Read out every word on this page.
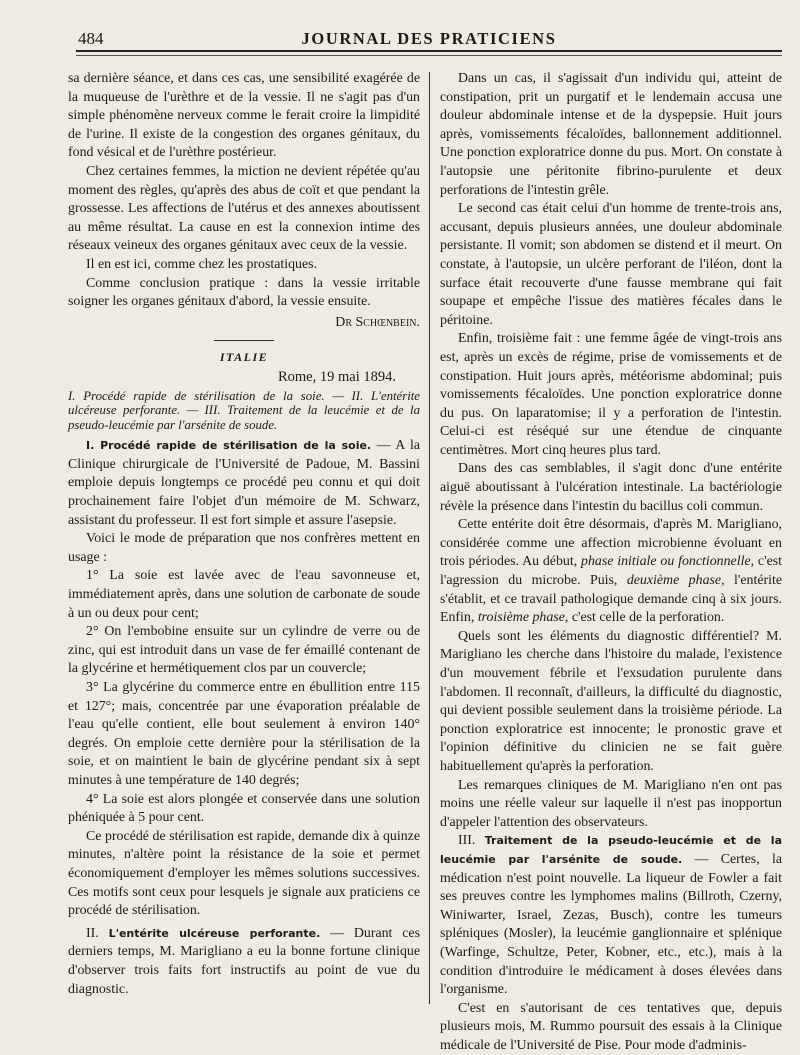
484	JOURNAL DES PRATICIENS

sa dernière séance, et dans ces cas, une sensibilité exagérée de la muqueuse de l'urèthre et de la vessie. Il ne s'agit pas d'un simple phénomène nerveux comme le ferait croire la limpidité de l'urine. Il existe de la congestion des organes génitaux, du fond vésical et de l'urèthre postérieur.

Chez certaines femmes, la miction ne devient répétée qu'au moment des règles, qu'après des abus de coït et que pendant la grossesse. Les affections de l'utérus et des annexes aboutissent au même résultat. La cause en est la connexion intime des réseaux veineux des organes génitaux avec ceux de la vessie.

Il en est ici, comme chez les prostatiques.

Comme conclusion pratique : dans la vessie irritable soigner les organes génitaux d'abord, la vessie ensuite.

Dr Schœnbein.

ITALIE

Rome, 19 mai 1894.

I. Procédé rapide de stérilisation de la soie. — II. L'entérite ulcéreuse perforante. — III. Traitement de la leucémie et de la pseudo-leucémie par l'arsénite de soude.

I. Procédé rapide de stérilisation de la soie. — A la Clinique chirurgicale de l'Université de Padoue, M. Bassini emploie depuis longtemps ce procédé peu connu et qui doit prochainement faire l'objet d'un mémoire de M. Schwarz, assistant du professeur. Il est fort simple et assure l'asepsie.

Voici le mode de préparation que nos confrères mettent en usage :

1° La soie est lavée avec de l'eau savonneuse et, immédiatement après, dans une solution de carbonate de soude à un ou deux pour cent;

2° On l'embobine ensuite sur un cylindre de verre ou de zinc, qui est introduit dans un vase de fer émaillé contenant de la glycérine et hermétiquement clos par un couvercle;

3° La glycérine du commerce entre en ébullition entre 115 et 127°; mais, concentrée par une évaporation préalable de l'eau qu'elle contient, elle bout seulement à environ 140° degrés. On emploie cette dernière pour la stérilisation de la soie, et on maintient le bain de glycérine pendant six à sept minutes à une température de 140 degrés;

4° La soie est alors plongée et conservée dans une solution phéniquée à 5 pour cent.

Ce procédé de stérilisation est rapide, demande dix à quinze minutes, n'altère point la résistance de la soie et permet économiquement d'employer les mêmes solutions successives. Ces motifs sont ceux pour lesquels je signale aux praticiens ce procédé de stérilisation.

II. L'entérite ulcéreuse perforante. — Durant ces derniers temps, M. Marigliano a eu la bonne fortune clinique d'observer trois faits fort instructifs au point de vue du diagnostic.

Dans un cas, il s'agissait d'un individu qui, atteint de constipation, prit un purgatif et le lendemain accusa une douleur abdominale intense et de la dyspepsie. Huit jours après, vomissements fécaloïdes, ballonnement additionnel. Une ponction exploratrice donne du pus. Mort. On constate à l'autopsie une péritonite fibrino-purulente et deux perforations de l'intestin grêle.

Le second cas était celui d'un homme de trente-trois ans, accusant, depuis plusieurs années, une douleur abdominale persistante. Il vomit; son abdomen se distend et il meurt. On constate, à l'autopsie, un ulcère perforant de l'iléon, dont la surface était recouverte d'une fausse membrane qui fait soupape et empêche l'issue des matières fécales dans le péritoine.

Enfin, troisième fait : une femme âgée de vingt-trois ans est, après un excès de régime, prise de vomissements et de constipation. Huit jours après, météorisme abdominal; puis vomissements fécaloïdes. Une ponction exploratrice donne du pus. On laparatomise; il y a perforation de l'intestin. Celui-ci est réséqué sur une étendue de cinquante centimètres. Mort cinq heures plus tard.

Dans des cas semblables, il s'agit donc d'une entérite aiguë aboutissant à l'ulcération intestinale. La bactériologie révèle la présence dans l'intestin du bacillus coli commun.

Cette entérite doit être désormais, d'après M. Marigliano, considérée comme une affection microbienne évoluant en trois périodes. Au début, phase initiale ou fonctionnelle, c'est l'agression du microbe. Puis, deuxième phase, l'entérite s'établit, et ce travail pathologique demande cinq à six jours. Enfin, troisième phase, c'est celle de la perforation.

Quels sont les éléments du diagnostic différentiel? M. Marigliano les cherche dans l'histoire du malade, l'existence d'un mouvement fébrile et l'exsudation purulente dans l'abdomen. Il reconnaît, d'ailleurs, la difficulté du diagnostic, qui devient possible seulement dans la troisième période. La ponction exploratrice est innocente; le pronostic grave et l'opinion définitive du clinicien ne se fait guère habituellement qu'après la perforation.

Les remarques cliniques de M. Marigliano n'en ont pas moins une réelle valeur sur laquelle il n'est pas inopportun d'appeler l'attention des observateurs.

III. Traitement de la pseudo-leucémie et de la leucémie par l'arsénite de soude. — Certes, la médication n'est point nouvelle. La liqueur de Fowler a fait ses preuves contre les lymphomes malins (Billroth, Czerny, Winiwarter, Israel, Zezas, Busch), contre les tumeurs spléniques (Mosler), la leucémie ganglionnaire et splénique (Warfinge, Schultze, Peter, Kobner, etc., etc.), mais à la condition d'introduire le médicament à doses élevées dans l'organisme.

C'est en s'autorisant de ces tentatives que, depuis plusieurs mois, M. Rummo poursuit des essais à la Clinique médicale de l'Université de Pise. Pour mode d'adminis-
